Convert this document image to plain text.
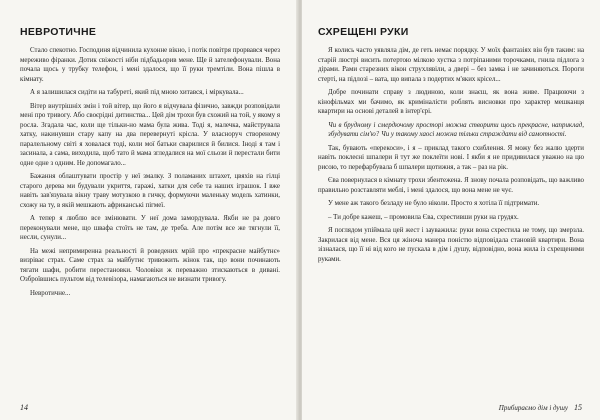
НЕВРОТИЧНЕ

Стало спекотно. Господиня відчинила кухонне вікно, і потік повітря прорвався через мереживо фіранки. Дотик свіжості ніби підбадьорив мене. Ще й зателефонували. Вона почала щось у трубку телефон, і мені здалося, що її руки тремтіли. Вона пішла в кімнату.

А я залишилася сидіти на табуреті, який під мною хитався, і міркувала...

Вітер внутрішніх змін і той вітер, що його я відчувала фізично, завжди розповідали мені про тривогу. Або своєрідні дитинства... Цей дім трохи був схожий на той, у якому я росла. Згадала час, коли ще тільки-но мама була жива. Тоді я, малечка, майструвала хатку, накинувши стару капу на два перевернуті крісла. У власноруч створеному паралельному світі я ховалася тоді, коли мої батьки сварилися й билися. Іноді я там і засинала, а сама, виходила, щоб тато й мама згледалися на мої сльози й перестали бити одне одне з одним. Не допомагало...

Бажання облаштувати простір у неї змалку. З поламаних штахет, цвяхів на гілці старого дерева ми будували укриття, гаражі, хатки для себе та наших іграшок. І вже навіть зав'язувала вікну траву мотузкою в гичку, формуючи маленьку модель хатинки, схожу на ту, в якій мешкають африканські пігмеї.

А тепер я люблю все змінювати. У неї дома замордувала. Якби не ра довго переконували мене, що швафа стоїть не там, де треба. Але потім все же тягнули її, несли, сунули...

На межі непримиренна реальності й роведених мрій про «прекрасне майбутнє» визріває страх. Саме страх за майбутнє тривожить жінок так, що вони починають тягати шафи, робити перестановки. Чоловіки ж переважно зтискаються в дивані. Озброївшись пультом від телевізора, намагаються не визнати тривогу.

Невротичне...

14
СХРЕЩЕНІ РУКИ

Я колись часто уявляла дім, де геть немає порядку. У моїх фантазіях він був таким: на старій люстрі висить потертою мілкою хустка з потріпаними торочками, гнила підлога з дірами. Рами старезних вікон струхлявіли, а двері – без замка і не зачиняються. Пороги стерті, на підлозі – вата, що випала з подертих м'яких крісел...

Добре починати справу з людиною, коли знаєш, як вона живе. Працюючи з кінофільмах ми бачимо, як криміналісти роблять висновки про характер мешканця квартири на основі деталей в інтер'єрі.

Чи в брудному і смердючому просторі можна створити щось прекрасне, наприклад, збудувати сім'ю? Чи у такому хаосі можна тільки страждати від самотності.

Так, бувають «перекоси», і я – приклад такого схиблення. Я можу без жалю здерти навіть поклеєні шпалери й тут же поклеїти нові. І якби я не придивилася уважно на цю рисою, то перефарбувала б шпалери щотижня, а так – раз на рік.

Єва повернулася в кімнату трохи збентежена. Я знову почала розповідать, що важливо правильно розставляти меблі, і мені здалося, що вона мене не чує.

У мене аж такого безладу не було ніколи. Просто я хотіла її підтримати.

– Ти добре кажеш, – промовила Єва, схрестивши руки на грудях.

Я поглядом упіймала цей жест і зауважила: руки вона схрестила не тому, що змерзла. Закрилася від мене. Вся ця жіноча манера поністю відповідала становій квартири. Вона зізналася, що її ні від кого не пускала в дім і душу, відповідно, вона жила із схрещеними руками.

Прибираємо дім і душу 15
